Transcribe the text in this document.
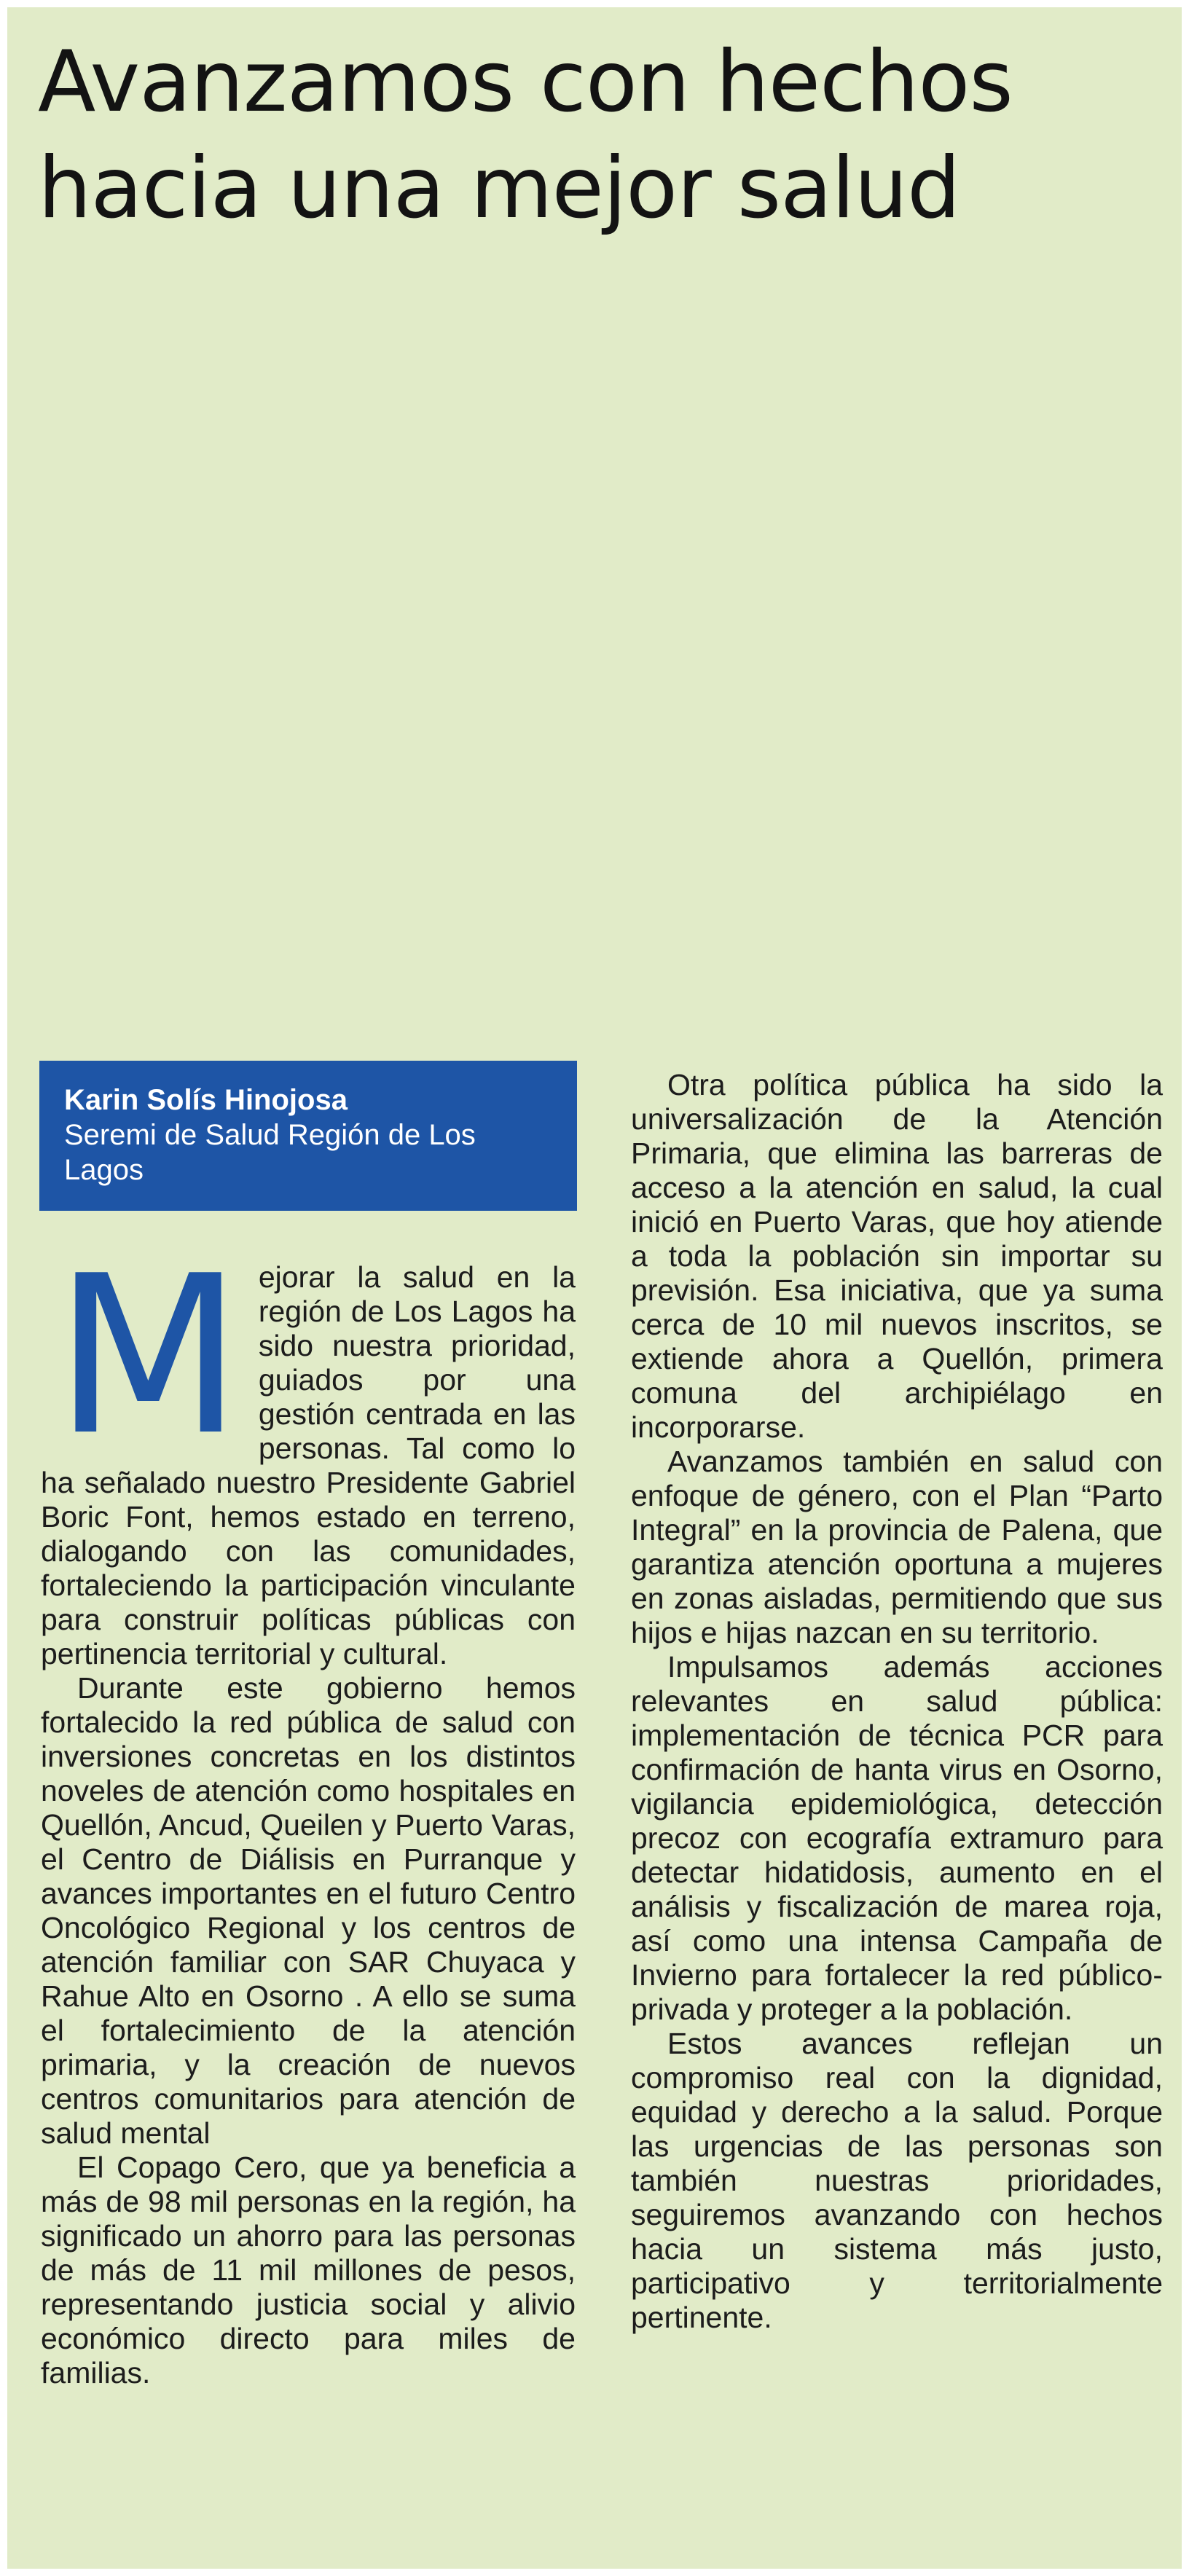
Avanzamos con hechos hacia una mejor salud
Karin Solís Hinojosa
Seremi de Salud Región de Los Lagos
M ejorar la salud en la región de Los Lagos ha sido nuestra prioridad, guiados por una gestión centrada en las personas. Tal como lo ha señalado nuestro Presidente Gabriel Boric Font, hemos estado en terreno, dialogando con las comunidades, fortaleciendo la participación vinculante para construir políticas públicas con pertinencia territorial y cultural.

Durante este gobierno hemos fortalecido la red pública de salud con inversiones concretas en los distintos noveles de atención como hospitales en Quellón, Ancud, Queilen y Puerto Varas, el Centro de Diálisis en Purranque y avances importantes en el futuro Centro Oncológico Regional y los centros de atención familiar con SAR Chuyaca y Rahue Alto en Osorno . A ello se suma el fortalecimiento de la atención primaria, y la creación de nuevos centros comunitarios para atención de salud mental

El Copago Cero, que ya beneficia a más de 98 mil personas en la región, ha significado un ahorro para las personas de más de 11 mil millones de pesos, representando justicia social y alivio económico directo para miles de familias.

Otra política pública ha sido la universalización de la Atención Primaria, que elimina las barreras de acceso a la atención en salud, la cual inició en Puerto Varas, que hoy atiende a toda la población sin importar su previsión. Esa iniciativa, que ya suma cerca de 10 mil nuevos inscritos, se extiende ahora a Quellón, primera comuna del archipiélago en incorporarse.

Avanzamos también en salud con enfoque de género, con el Plan “Parto Integral” en la provincia de Palena, que garantiza atención oportuna a mujeres en zonas aisladas, permitiendo que sus hijos e hijas nazcan en su territorio.

Impulsamos además acciones relevantes en salud pública: implementación de técnica PCR para confirmación de hanta virus en Osorno, vigilancia epidemiológica, detección precoz con ecografía extramuro para detectar hidatidosis, aumento en el análisis y fiscalización de marea roja, así como una intensa Campaña de Invierno para fortalecer la red público-privada y proteger a la población.

Estos avances reflejan un compromiso real con la dignidad, equidad y derecho a la salud. Porque las urgencias de las personas son también nuestras prioridades, seguiremos avanzando con hechos hacia un sistema más justo, participativo y territorialmente pertinente.
